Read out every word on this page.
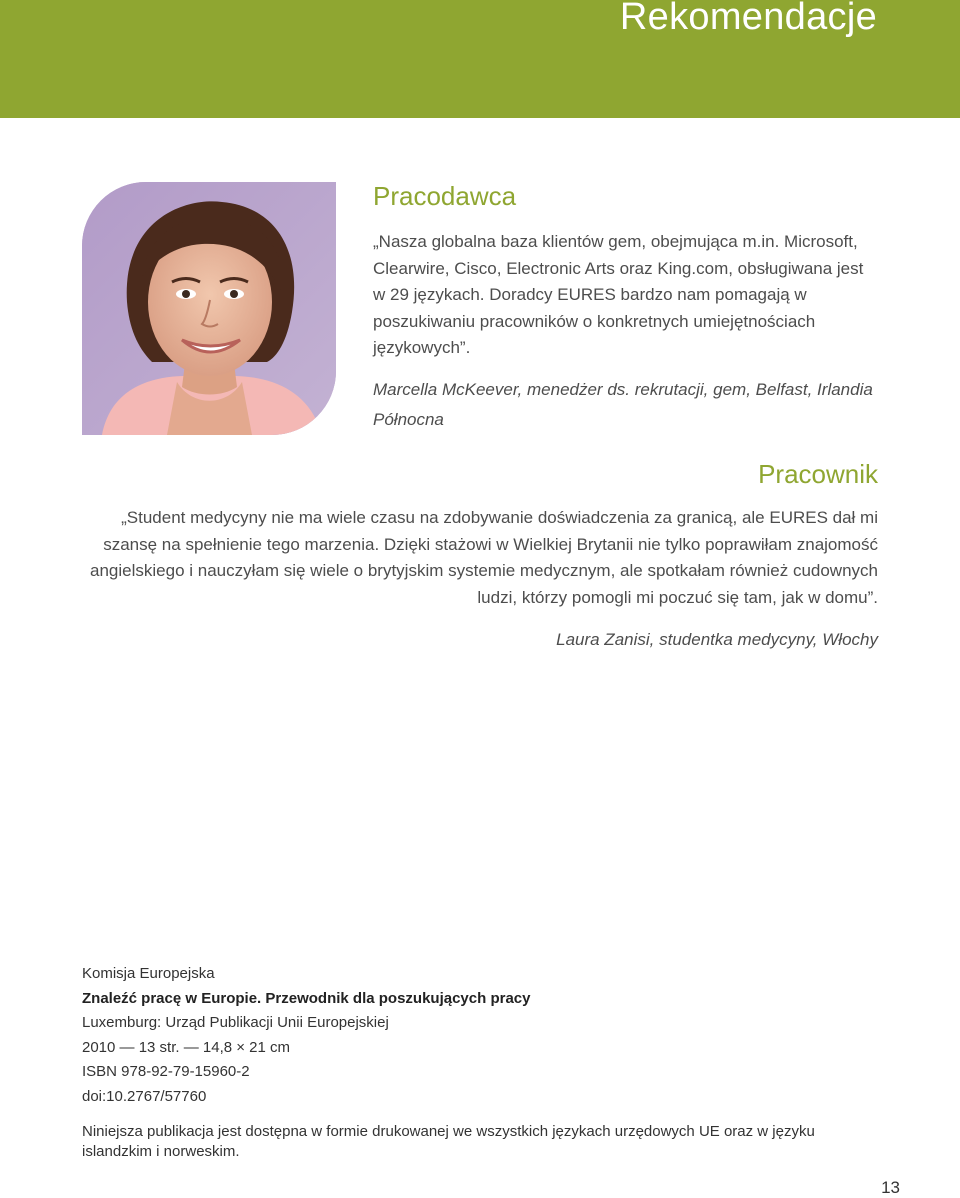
Rekomendacje
Pracodawca

„Nasza globalna baza klientów gem, obejmująca m.in. Microsoft, Clearwire, Cisco, Electronic Arts oraz King.com, obsługiwana jest w 29 językach. Doradcy EURES bardzo nam pomagają w poszukiwaniu pracowników o konkretnych umiejętnościach językowych”.

Marcella McKeever, menedżer ds. rekrutacji, gem, Belfast, Irlandia Północna

Pracownik

„Student medycyny nie ma wiele czasu na zdobywanie doświadczenia za granicą, ale EURES dał mi szansę na spełnienie tego marzenia. Dzięki stażowi w Wielkiej Brytanii nie tylko poprawiłam znajomość angielskiego i nauczyłam się wiele o brytyjskim systemie medycznym, ale spotkałam również cudownych ludzi, którzy pomogli mi poczuć się tam, jak w domu”.

Laura Zanisi, studentka medycyny, Włochy

Komisja Europejska
Znaleźć pracę w Europie. Przewodnik dla poszukujących pracy
Luxemburg: Urząd Publikacji Unii Europejskiej
2010 — 13 str. — 14,8 × 21 cm
ISBN 978-92-79-15960-2
doi:10.2767/57760

Niniejsza publikacja jest dostępna w formie drukowanej we wszystkich językach urzędowych UE oraz w języku islandzkim i norweskim.

13
